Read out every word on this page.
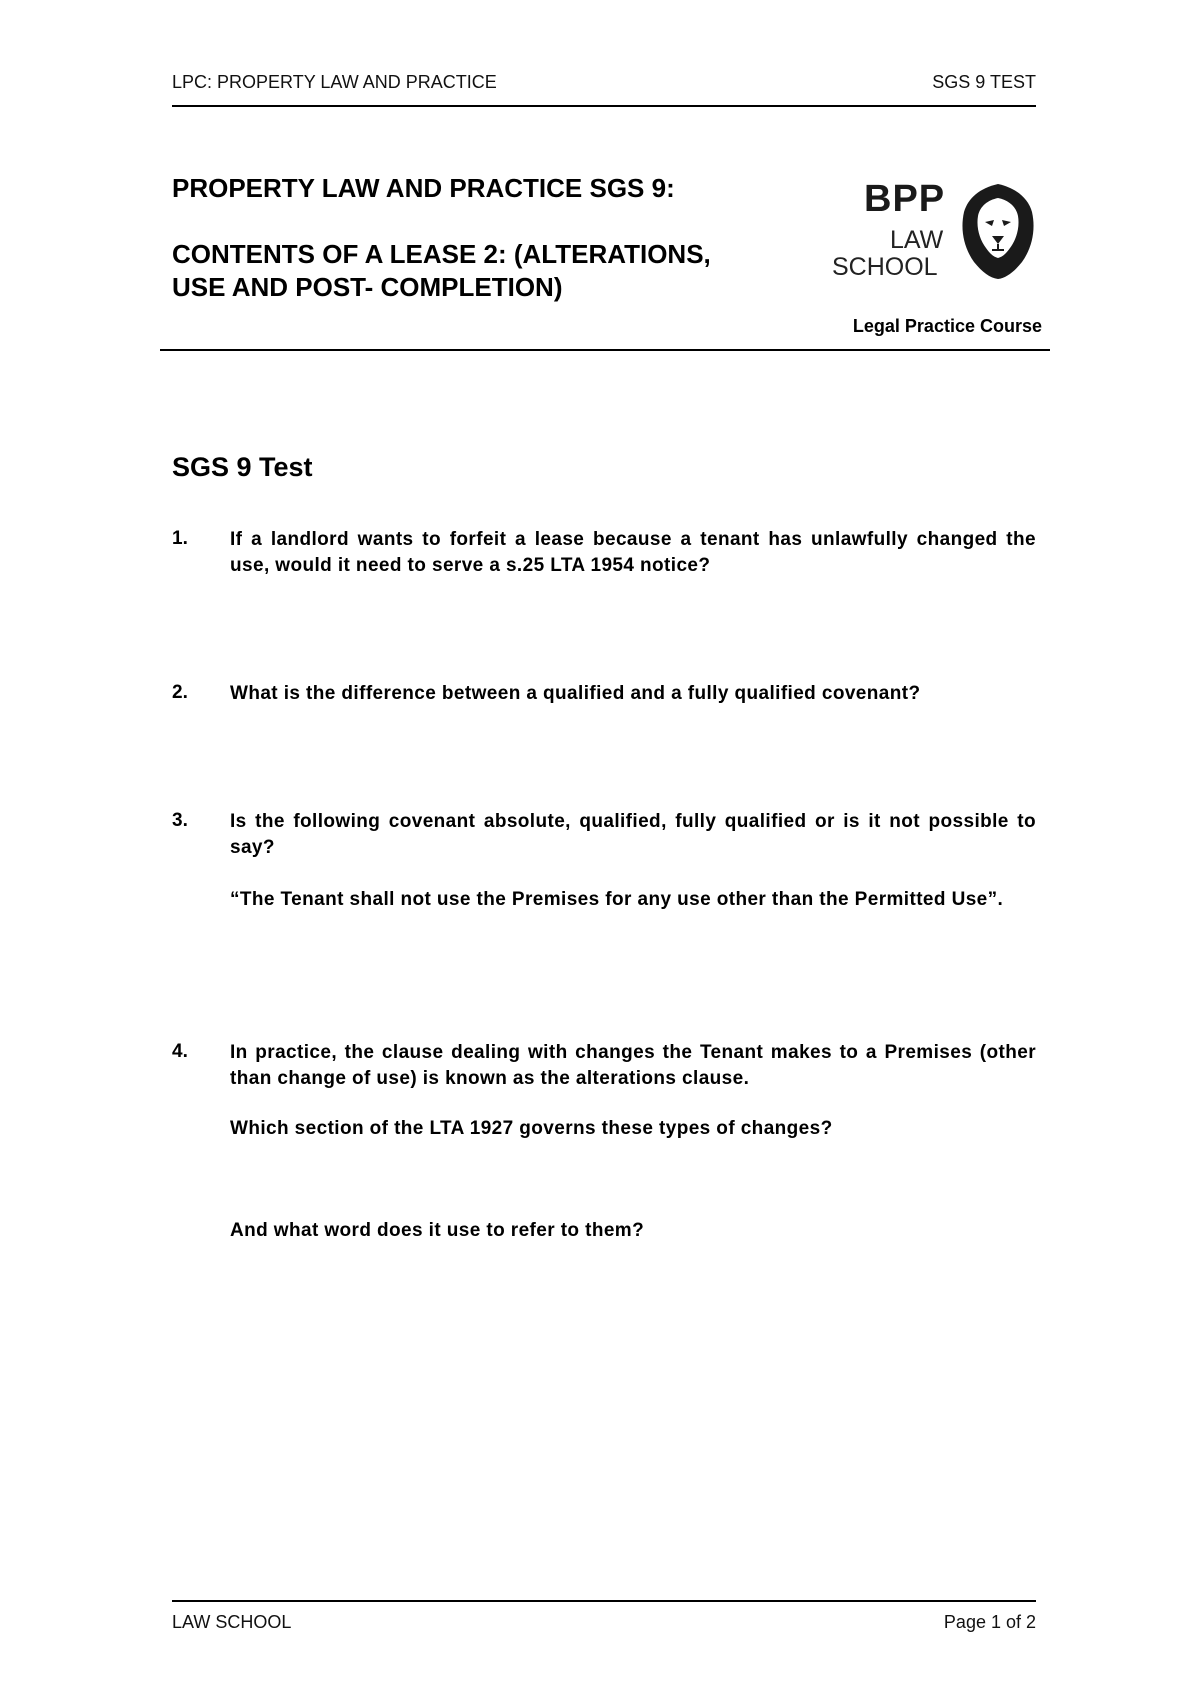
LPC: PROPERTY LAW AND PRACTICE	SGS 9 TEST
PROPERTY LAW AND PRACTICE SGS 9:
CONTENTS OF A LEASE 2: (ALTERATIONS,
USE AND POST- COMPLETION)
BPP
LAW
SCHOOL
Legal Practice Course
SGS 9 Test
1. If a landlord wants to forfeit a lease because a tenant has unlawfully changed the use, would it need to serve a s.25 LTA 1954 notice?

2. What is the difference between a qualified and a fully qualified covenant?

3. Is the following covenant absolute, qualified, fully qualified or is it not possible to say?

“The Tenant shall not use the Premises for any use other than the Permitted Use”.

4. In practice, the clause dealing with changes the Tenant makes to a Premises (other than change of use) is known as the alterations clause.

Which section of the LTA 1927 governs these types of changes?

And what word does it use to refer to them?

LAW SCHOOL	Page 1 of 2
